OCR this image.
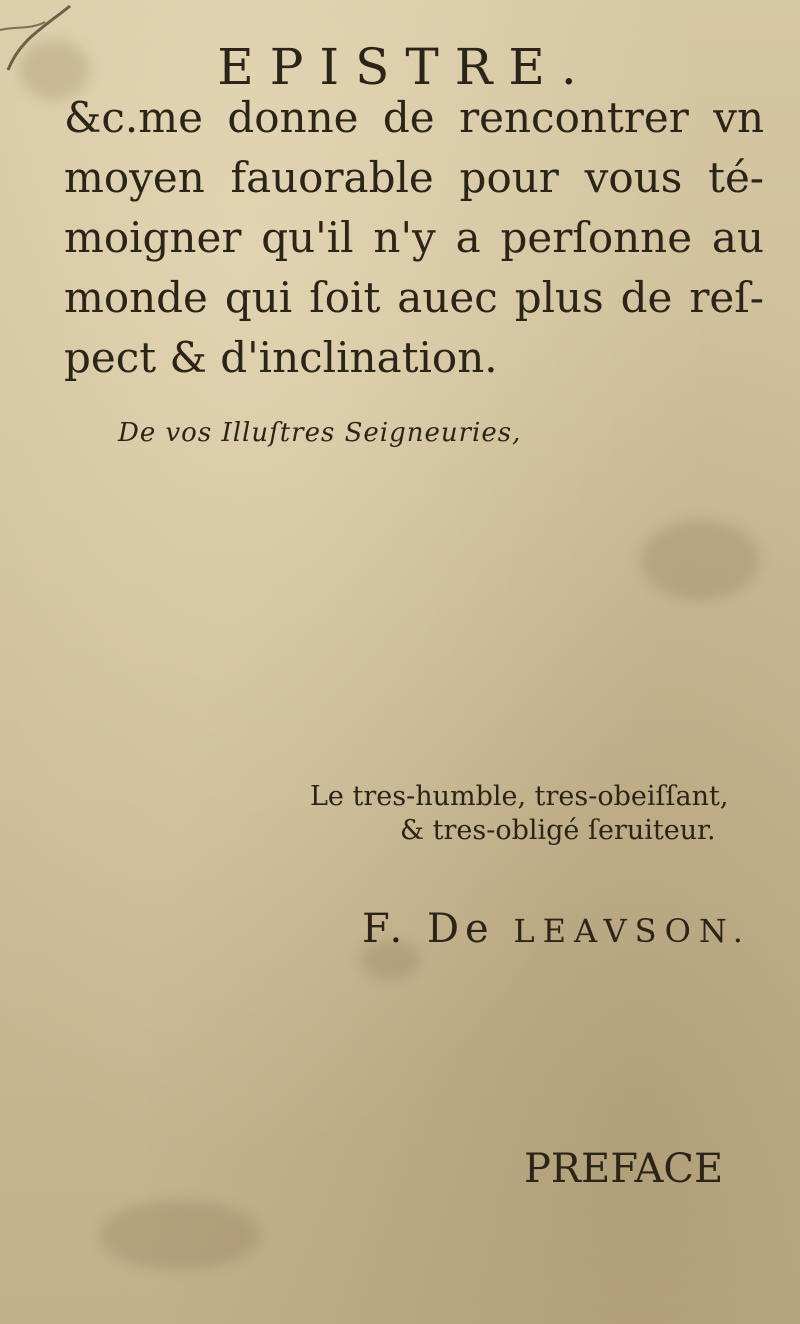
EPISTRE.
&c.me donne de rencontrer vn
moyen fauorable pour vous té-
moigner qu'il n'y a perſonne au
monde qui ſoit auec plus de reſ-
pect & d'inclination.
De vos Illuſtres Seigneuries,
Le tres-humble, tres-obeiſſant,
& tres-obligé ſeruiteur.
F. De LEAVSON.
PREFACE
